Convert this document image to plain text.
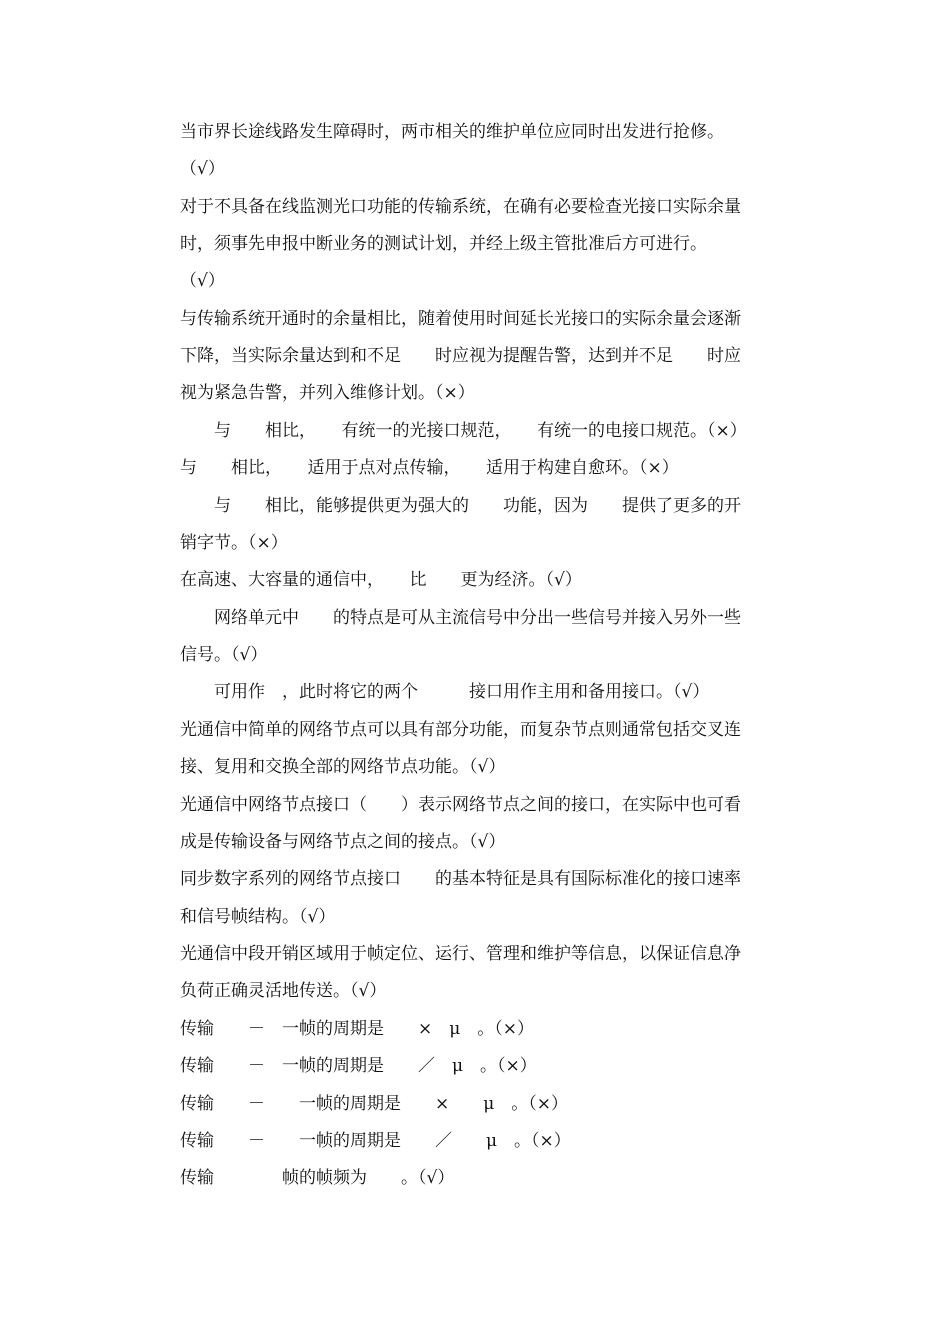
当市界长途线路发生障碍时，两市相关的维护单位应同时出发进行抢修。
（√）
对于不具备在线监测光口功能的传输系统，在确有必要检查光接口实际余量
时，须事先申报中断业务的测试计划，并经上级主管批准后方可进行。
（√）
与传输系统开通时的余量相比，随着使用时间延长光接口的实际余量会逐渐
下降，当实际余量达到和不足　　时应视为提醒告警，达到并不足　　时应
视为紧急告警，并列入维修计划。（×）
　　与　　相比，　　有统一的光接口规范，　　有统一的电接口规范。（×）
与　　相比，　　适用于点对点传输，　　适用于构建自愈环。（×）
　　与　　相比，能够提供更为强大的　　功能，因为　　提供了更多的开
销字节。（×）
在高速、大容量的通信中，　　比　　更为经济。（√）
　　网络单元中　　的特点是可从主流信号中分出一些信号并接入另外一些
信号。（√）
　　可用作　，此时将它的两个　　　接口用作主用和备用接口。（√）
光通信中简单的网络节点可以具有部分功能，而复杂节点则通常包括交叉连
接、复用和交换全部的网络节点功能。（√）
光通信中网络节点接口（　　）表示网络节点之间的接口，在实际中也可看
成是传输设备与网络节点之间的接点。（√）
同步数字系列的网络节点接口　　的基本特征是具有国际标准化的接口速率
和信号帧结构。（√）
光通信中段开销区域用于帧定位、运行、管理和维护等信息，以保证信息净
负荷正确灵活地传送。（√）
传输　　－　一帧的周期是　　×　μ　。（×）
传输　　－　一帧的周期是　　／　μ　。（×）
传输　　－　　一帧的周期是　　×　　μ　。（×）
传输　　－　　一帧的周期是　　／　　μ　。（×）
传输　　　　帧的帧频为　　。（√）
